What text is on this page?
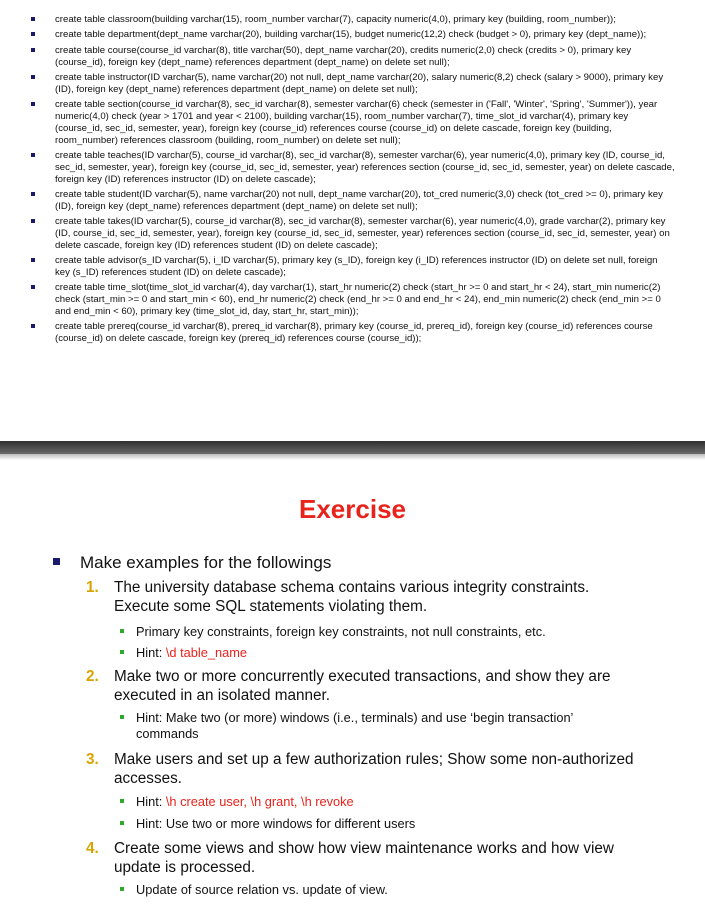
create table classroom(building varchar(15), room_number varchar(7), capacity numeric(4,0), primary key (building, room_number));
create table department(dept_name varchar(20), building varchar(15), budget numeric(12,2) check (budget > 0), primary key (dept_name));
create table course(course_id varchar(8), title varchar(50), dept_name varchar(20), credits numeric(2,0) check (credits > 0), primary key (course_id), foreign key (dept_name) references department (dept_name) on delete set null);
create table instructor(ID varchar(5), name varchar(20) not null, dept_name varchar(20), salary numeric(8,2) check (salary > 9000), primary key (ID), foreign key (dept_name) references department (dept_name) on delete set null);
create table section(course_id varchar(8), sec_id varchar(8), semester varchar(6) check (semester in ('Fall', 'Winter', 'Spring', 'Summer')), year numeric(4,0) check (year > 1701 and year < 2100), building varchar(15), room_number varchar(7), time_slot_id varchar(4), primary key (course_id, sec_id, semester, year), foreign key (course_id) references course (course_id) on delete cascade, foreign key (building, room_number) references classroom (building, room_number) on delete set null);
create table teaches(ID varchar(5), course_id varchar(8), sec_id varchar(8), semester varchar(6), year numeric(4,0), primary key (ID, course_id, sec_id, semester, year), foreign key (course_id, sec_id, semester, year) references section (course_id, sec_id, semester, year) on delete cascade, foreign key (ID) references instructor (ID) on delete cascade);
create table student(ID varchar(5), name varchar(20) not null, dept_name varchar(20), tot_cred numeric(3,0) check (tot_cred >= 0), primary key (ID), foreign key (dept_name) references department (dept_name) on delete set null);
create table takes(ID varchar(5), course_id varchar(8), sec_id varchar(8), semester varchar(6), year numeric(4,0), grade varchar(2), primary key (ID, course_id, sec_id, semester, year), foreign key (course_id, sec_id, semester, year) references section (course_id, sec_id, semester, year) on delete cascade, foreign key (ID) references student (ID) on delete cascade);
create table advisor(s_ID varchar(5), i_ID varchar(5), primary key (s_ID), foreign key (i_ID) references instructor (ID) on delete set null, foreign key (s_ID) references student (ID) on delete cascade);
create table time_slot(time_slot_id varchar(4), day varchar(1), start_hr numeric(2) check (start_hr >= 0 and start_hr < 24), start_min numeric(2) check (start_min >= 0 and start_min < 60), end_hr numeric(2) check (end_hr >= 0 and end_hr < 24), end_min numeric(2) check (end_min >= 0 and end_min < 60), primary key (time_slot_id, day, start_hr, start_min));
create table prereq(course_id varchar(8), prereq_id varchar(8), primary key (course_id, prereq_id), foreign key (course_id) references course (course_id) on delete cascade, foreign key (prereq_id) references course (course_id));
Exercise
Make examples for the followings
1. The university database schema contains various integrity constraints. Execute some SQL statements violating them.
Primary key constraints, foreign key constraints, not null constraints, etc.
Hint: \d table_name
2. Make two or more concurrently executed transactions, and show they are executed in an isolated manner.
Hint: Make two (or more) windows (i.e., terminals) and use ‘begin transaction’ commands
3. Make users and set up a few authorization rules; Show some non-authorized accesses.
Hint: \h create user, \h grant, \h revoke
Hint: Use two or more windows for different users
4. Create some views and show how view maintenance works and how view update is processed.
Update of source relation vs. update of view.
